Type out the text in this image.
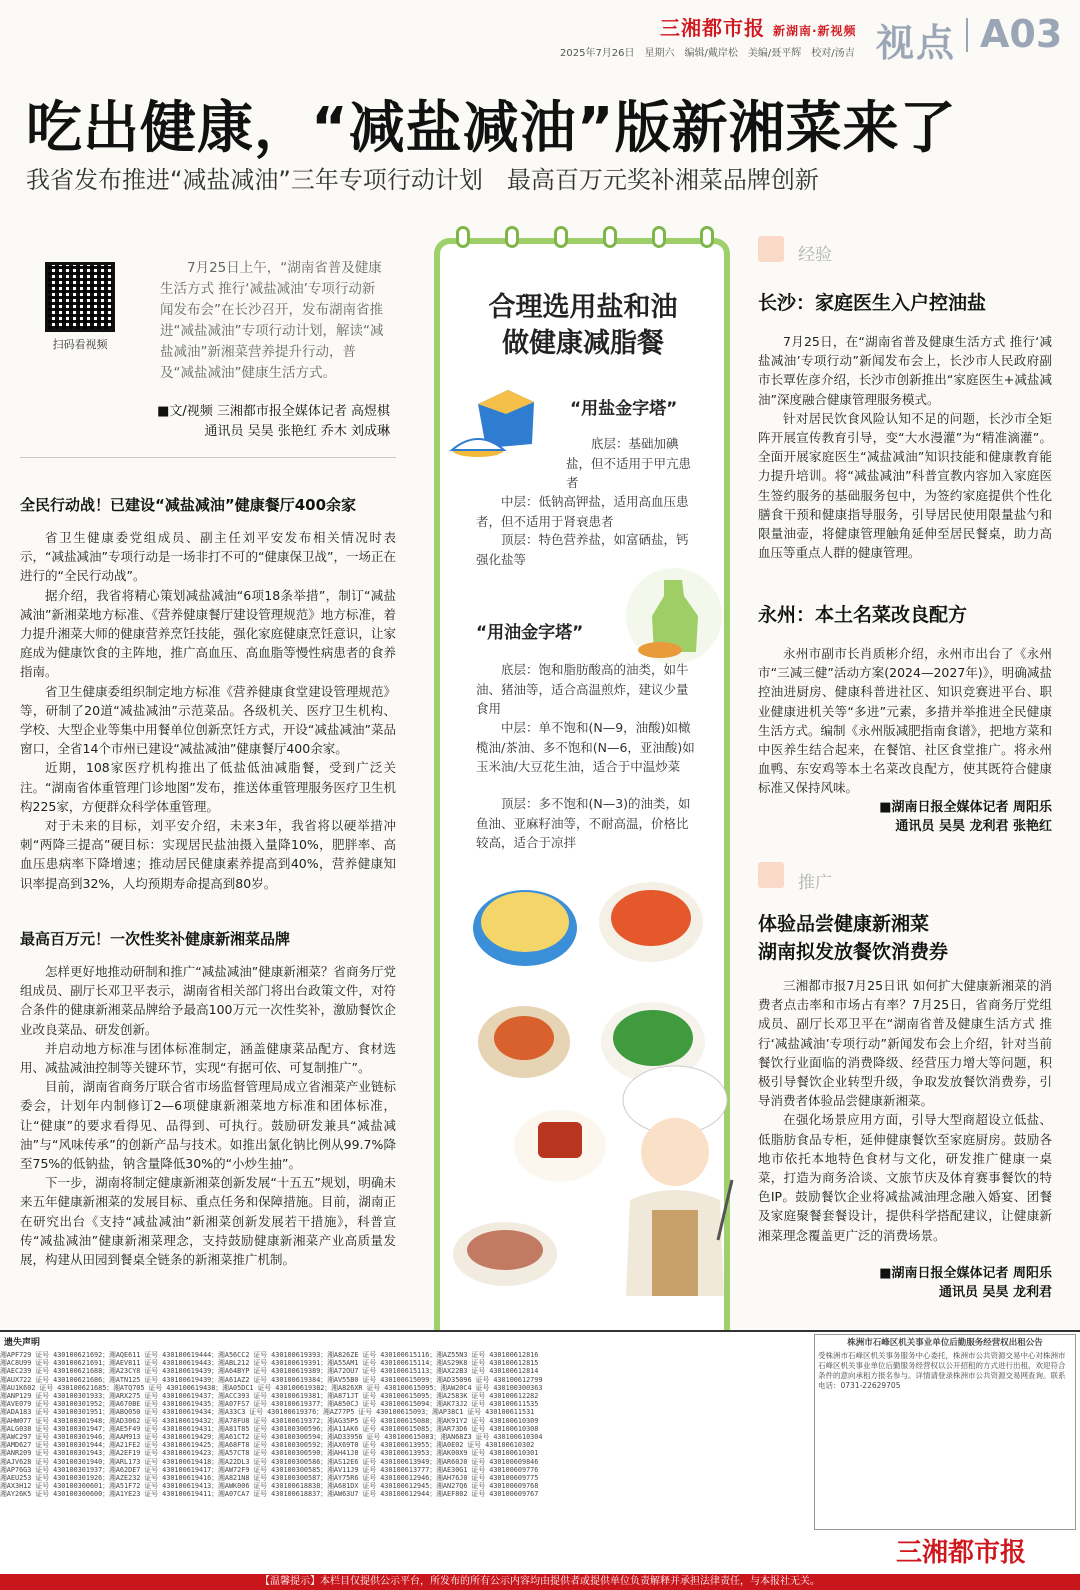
三湘都市报 新湖南·新视频
2025年7月26日　星期六　编辑/戴岸松　美编/聂平辉　校对/汤吉 视点 A03
吃出健康，“减盐减油”版新湘菜来了
我省发布推进“减盐减油”三年专项行动计划　最高百万元奖补湘菜品牌创新
扫码看视频
7月25日上午，“湖南省普及健康生活方式 推行‘减盐减油’专项行动新闻发布会”在长沙召开，发布湖南省推进“减盐减油”专项行动计划，解读“减盐减油”新湘菜营养提升行动，普及“减盐减油”健康生活方式。
■文/视频 三湘都市报全媒体记者 高煜棋
通讯员 吴昊 张艳红 乔木 刘成琳
全民行动战！已建设“减盐减油”健康餐厅400余家

省卫生健康委党组成员、副主任刘平安发布相关情况时表示，“减盐减油”专项行动是一场非打不可的“健康保卫战”，一场正在进行的“全民行动战”。

据介绍，我省将精心策划减盐减油“6项18条举措”，制订“减盐减油”新湘菜地方标准、《营养健康餐厅建设管理规范》地方标准，着力提升湘菜大师的健康营养烹饪技能，强化家庭健康烹饪意识，让家庭成为健康饮食的主阵地，推广高血压、高血脂等慢性病患者的食养指南。

省卫生健康委组织制定地方标准《营养健康食堂建设管理规范》等，研制了20道“减盐减油”示范菜品。各级机关、医疗卫生机构、学校、大型企业等集中用餐单位创新烹饪方式，开设“减盐减油”菜品窗口，全省14个市州已建设“减盐减油”健康餐厅400余家。

近期，108家医疗机构推出了低盐低油减脂餐，受到广泛关注。“湖南省体重管理门诊地图”发布，推送体重管理服务医疗卫生机构225家，方便群众科学体重管理。

对于未来的目标，刘平安介绍，未来3年，我省将以硬举措冲刺“两降三提高”硬目标：实现居民盐油摄入量降10%，肥胖率、高血压患病率下降增速；推动居民健康素养提高到40%，营养健康知识率提高到32%，人均预期寿命提高到80岁。

最高百万元！一次性奖补健康新湘菜品牌

怎样更好地推动研制和推广“减盐减油”健康新湘菜？省商务厅党组成员、副厅长邓卫平表示，湖南省相关部门将出台政策文件，对符合条件的健康新湘菜品牌给予最高100万元一次性奖补，激励餐饮企业改良菜品、研发创新。

并启动地方标准与团体标准制定，涵盖健康菜品配方、食材选用、减盐减油控制等关键环节，实现“有据可依、可复制推广”。

目前，湖南省商务厅联合省市场监督管理局成立省湘菜产业链标委会，计划年内制修订2—6项健康新湘菜地方标准和团体标准，让“健康”的要求看得见、品得到、可执行。鼓励研发兼具“减盐减油”与“风味传承”的创新产品与技术。如推出氯化钠比例从99.7%降至75%的低钠盐，钠含量降低30%的“小炒生抽”。

下一步，湖南将制定健康新湘菜创新发展“十五五”规划，明确未来五年健康新湘菜的发展目标、重点任务和保障措施。目前，湖南正在研究出台《支持“减盐减油”新湘菜创新发展若干措施》，科普宣传“减盐减油”健康新湘菜理念，支持鼓励健康新湘菜产业高质量发展，构建从田园到餐桌全链条的新湘菜推广机制。

合理选用盐和油
做健康减脂餐
“用盐金字塔”
底层：基础加碘盐，但不适用于甲亢患者
中层：低钠高钾盐，适用高血压患者，但不适用于肾衰患者
顶层：特色营养盐，如富硒盐，钙强化盐等
“用油金字塔”
底层：饱和脂肪酸高的油类，如牛油、猪油等，适合高温煎炸，建议少量食用
中层：单不饱和(N—9，油酸)如橄榄油/茶油、多不饱和(N—6，亚油酸)如玉米油/大豆花生油，适合于中温炒菜
顶层：多不饱和(N—3)的油类，如鱼油、亚麻籽油等，不耐高温，价格比较高，适合于凉拌
经验
长沙：家庭医生入户控油盐

7月25日，在“湖南省普及健康生活方式 推行‘减盐减油’专项行动”新闻发布会上，长沙市人民政府副市长覃佐彦介绍，长沙市创新推出“家庭医生+减盐减油”深度融合健康管理服务模式。

针对居民饮食风险认知不足的问题，长沙市全矩阵开展宣传教育引导，变“大水漫灌”为“精准滴灌”。全面开展家庭医生“减盐减油”知识技能和健康教育能力提升培训。将“减盐减油”科普宣教内容加入家庭医生签约服务的基础服务包中，为签约家庭提供个性化膳食干预和健康指导服务，引导居民使用限量盐勺和限量油壶，将健康管理触角延伸至居民餐桌，助力高血压等重点人群的健康管理。

永州：本土名菜改良配方

永州市副市长肖质彬介绍，永州市出台了《永州市“三减三健”活动方案(2024—2027年)》，明确减盐控油进厨房、健康科普进社区、知识竞赛进平台、职业健康进机关等“多进”元素，多措并举推进全民健康生活方式。编制《永州版减肥指南食谱》，把地方菜和中医养生结合起来，在餐馆、社区食堂推广。将永州血鸭、东安鸡等本土名菜改良配方，使其既符合健康标准又保持风味。

■湖南日报全媒体记者 周阳乐
通讯员 吴昊 龙利君 张艳红
推广
体验品尝健康新湘菜
湖南拟发放餐饮消费券

三湘都市报7月25日讯 如何扩大健康新湘菜的消费者点击率和市场占有率？7月25日，省商务厅党组成员、副厅长邓卫平在“湖南省普及健康生活方式 推行‘减盐减油’专项行动”新闻发布会上介绍，针对当前餐饮行业面临的消费降级、经营压力增大等问题，积极引导餐饮企业转型升级，争取发放餐饮消费券，引导消费者体验品尝健康新湘菜。

在强化场景应用方面，引导大型商超设立低盐、低脂肪食品专柜，延伸健康餐饮至家庭厨房。鼓励各地市依托本地特色食材与文化，研发推广健康一桌菜，打造为商务洽谈、文旅节庆及体育赛事餐饮的特色IP。鼓励餐饮企业将减盐减油理念融入婚宴、团餐及家庭聚餐套餐设计，提供科学搭配建议，让健康新湘菜理念覆盖更广泛的消费场景。

■湖南日报全媒体记者 周阳乐
通讯员 吴昊 龙利君
遗失声明
湘APF729 证号 430100621692；湘AQE611 证号 430100619444；湘A56CC2 证号 430100619393；湘A826ZE 证号 430100615116；湘AZ55N3 证号 430100612816
湘AC8U99 证号 430100621691；湘AEV811 证号 430100619443；湘ABL212 证号 430100619391；湘A55AM1 证号 430100615114；湘AS29K8 证号 430100612815
湘AEC239 证号 430100621688；湘A23CY8 证号 430100619439；湘A64BYP 证号 430100619389；湘A72OU7 证号 430100615113；湘AX22B3 证号 430100612814
湘AUX722 证号 430100621686；湘ATN125 证号 430100619439；湘A61AZ2 证号 430100619384；湘AV55B0 证号 430100615099；湘AD35096 证号 430100612799
湘AU1K602 证号 430100621685；湘ATQ705 证号 430100619438；湘A05DC1 证号 430100619382；湘A826XR 证号 430100615095；湘AW20C4 证号 430100300363
湘ANP129 证号 430100301933；湘ARX275 证号 430100619437；湘ACC393 证号 430100619381；湘A871JT 证号 430100615095；湘A2583K 证号 430100612282
湘AVE079 证号 430100301952；湘A670BE 证号 430100619435；湘A07FS7 证号 430100619377；湘A850CJ 证号 430100615094；湘AK73J2 证号 430100611535
湘ADA183 证号 430100301951；湘ABQ050 证号 430100619434；湘A33C3 证号 430100619376；湘AZ77P5 证号 430100615093；湘AP38C1 证号 430100611531
湘AHW077 证号 430100301948；湘AD3062 证号 430100619432；湘A78FU8 证号 430100619372；湘AG35P5 证号 430100615088；湘AK91Y2 证号 430100610309
湘ALG038 证号 430100301947；湘AE5F49 证号 430100619431；湘A81T85 证号 430100300596；湘A11AK6 证号 430100615085；湘AR73D6 证号 430100610308
湘AWC297 证号 430100301946；湘AAM913 证号 430100619429；湘A61CT2 证号 430100300594；湘AD33956 证号 430100615083；湘AN68Z3 证号 430100610304
湘AMD627 证号 430100301944；湘A21FE2 证号 430100619425；湘A68FT8 证号 430100300592；湘AX69T0 证号 430100613955；湘A0E02 证号 430100610302
湘ANR209 证号 430100301943；湘A2EF19 证号 430100619423；湘A57CT8 证号 430100300590；湘AH41J8 证号 430100613953；湘AK00X9 证号 430100610301
湘AJV628 证号 430100301940；湘ARL173 证号 430100619418；湘A22DL3 证号 430100300586；湘AS12E6 证号 430100613949；湘AR60J0 证号 430100609846
湘AP76G3 证号 430100301937；湘A62DE7 证号 430100619417；湘AW72F9 证号 430100300585；湘AV11J9 证号 430100613777；湘AE30G1 证号 430100609776
湘AEU253 证号 430100301926；湘AZE232 证号 430100619416；湘A821N8 证号 430100300587；湘AY75R6 证号 430100612946；湘AH76J0 证号 430100609775
湘AX3H12 证号 430100300601；湘A51F72 证号 430100619413；湘AWK006 证号 430100618838；湘A681DX 证号 430100612945；湘AN27Q6 证号 430100609768
湘AY26K5 证号 430100300600；湘A1YE23 证号 430100619411；湘A07CA7 证号 430100618837；湘AW63U7 证号 430100612944；湘AEF802 证号 430100609767
株洲市石峰区机关事业单位后勤服务经营权出租公告
受株洲市石峰区机关事务服务中心委托，株洲市公共资源交易中心对株洲市石峰区机关事业单位后勤服务经营权以公开招租的方式进行出租，欢迎符合条件的意向承租方报名参与。详情请登录株洲市公共资源交易网查询。联系电话：0731-22629705
三湘都市报
【温馨提示】本栏目仅提供公示平台，所发布的所有公示内容均由提供者或提供单位负责解释并承担法律责任，与本报社无关。
